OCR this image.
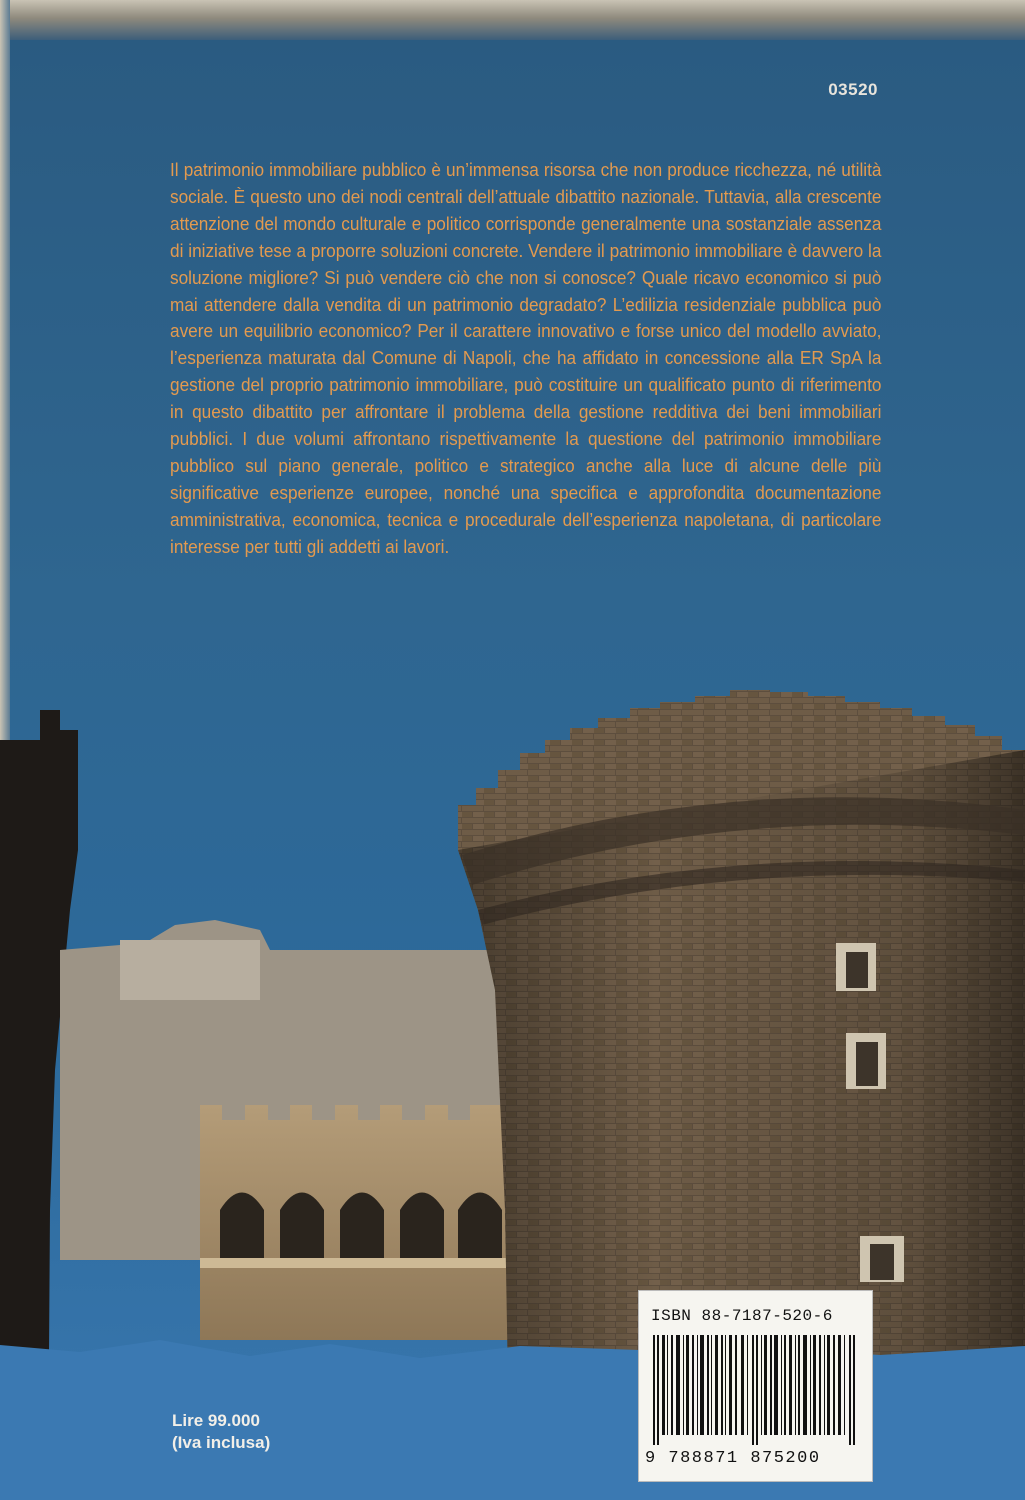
03520

Il patrimonio immobiliare pubblico è un’immensa risorsa che non produce ricchezza, né utilità sociale. È questo uno dei nodi centrali dell’attuale dibattito nazionale. Tuttavia, alla crescente attenzione del mondo culturale e politico corrisponde generalmente una sostanziale assenza di iniziative tese a proporre soluzioni concrete. Vendere il patrimonio immobiliare è davvero la soluzione migliore? Si può vendere ciò che non si conosce? Quale ricavo economico si può mai attendere dalla vendita di un patrimonio degradato? L’edilizia residenziale pubblica può avere un equilibrio economico? Per il carattere innovativo e forse unico del modello avviato, l’esperienza maturata dal Comune di Napoli, che ha affidato in concessione alla ER SpA la gestione del proprio patrimonio immobiliare, può costituire un qualificato punto di riferimento in questo dibattito per affrontare il problema della gestione redditiva dei beni immobiliari pubblici. I due volumi affrontano rispettivamente la questione del patrimonio immobiliare pubblico sul piano generale, politico e strategico anche alla luce di alcune delle più significative esperienze europee, nonché una specifica e approfondita documentazione amministrativa, economica, tecnica e procedurale dell’esperienza napoletana, di particolare interesse per tutti gli addetti ai lavori.

Lire 99.000
(Iva inclusa)
ISBN 88-7187-520-6
9 788871 875200
